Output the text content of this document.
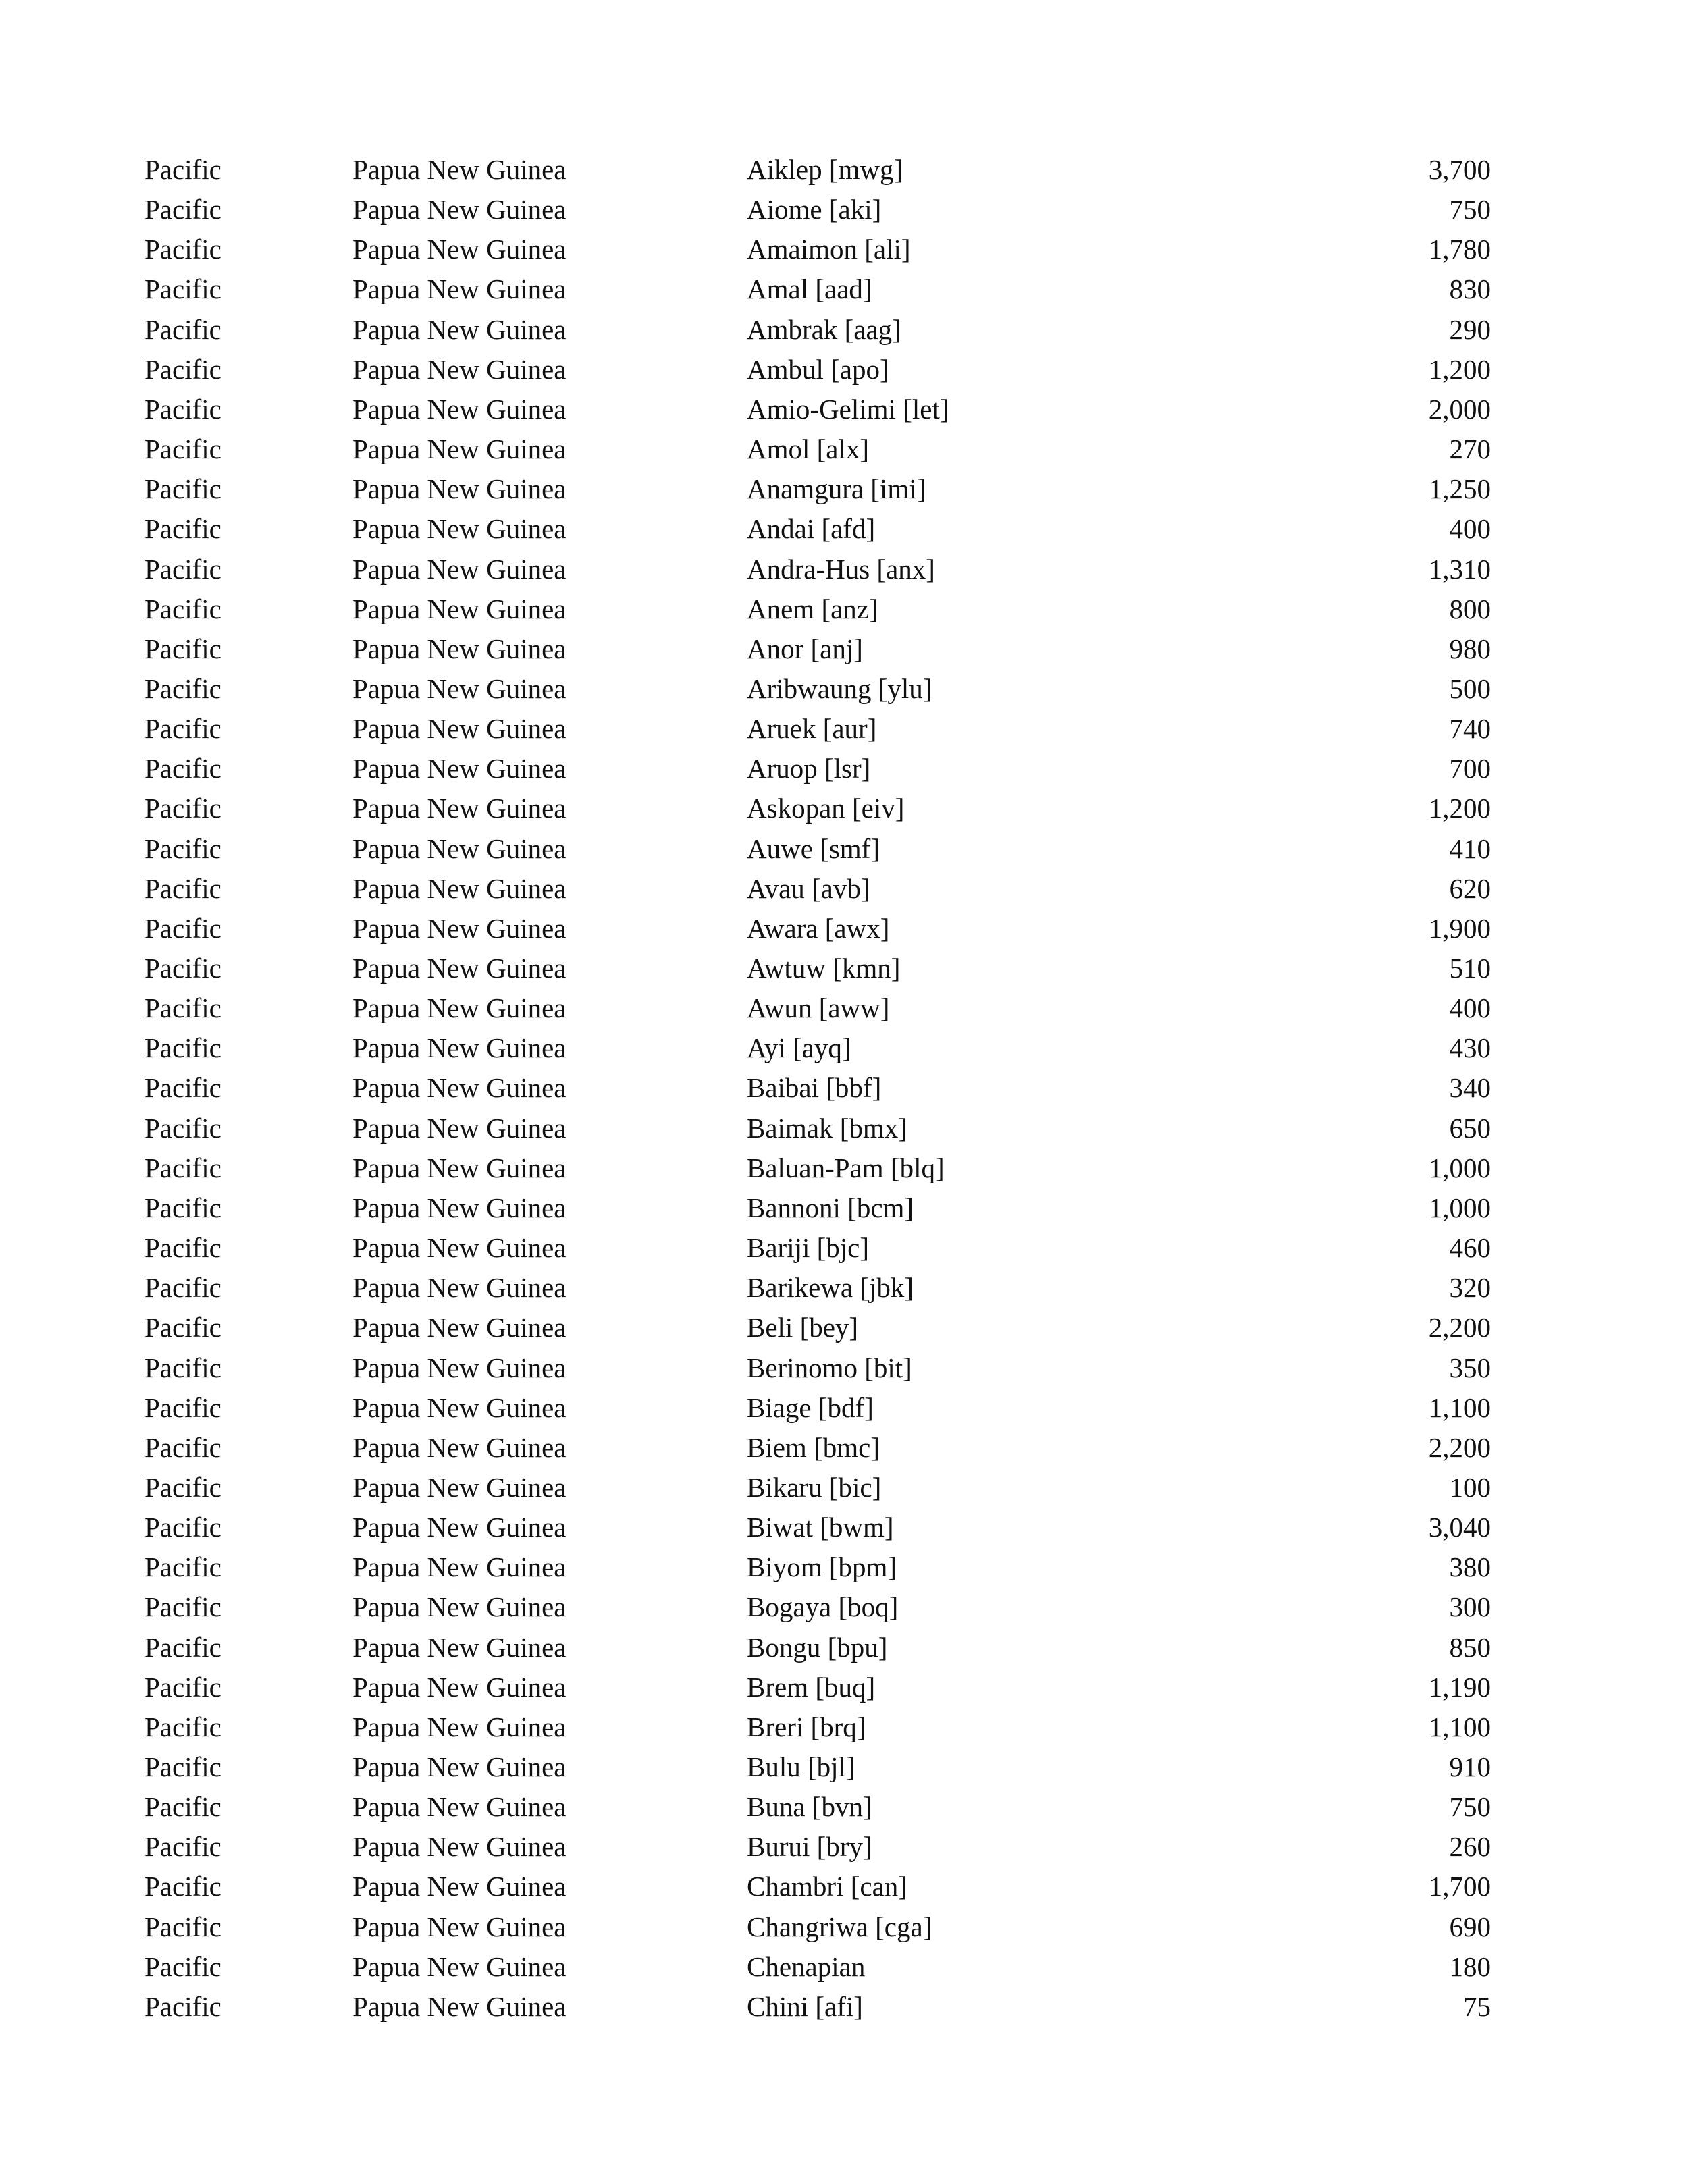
Pacific	Papua New Guinea	Aiklep [mwg]	3,700
Pacific	Papua New Guinea	Aiome [aki]	750
Pacific	Papua New Guinea	Amaimon [ali]	1,780
Pacific	Papua New Guinea	Amal [aad]	830
Pacific	Papua New Guinea	Ambrak [aag]	290
Pacific	Papua New Guinea	Ambul [apo]	1,200
Pacific	Papua New Guinea	Amio-Gelimi [let]	2,000
Pacific	Papua New Guinea	Amol [alx]	270
Pacific	Papua New Guinea	Anamgura [imi]	1,250
Pacific	Papua New Guinea	Andai [afd]	400
Pacific	Papua New Guinea	Andra-Hus [anx]	1,310
Pacific	Papua New Guinea	Anem [anz]	800
Pacific	Papua New Guinea	Anor [anj]	980
Pacific	Papua New Guinea	Aribwaung [ylu]	500
Pacific	Papua New Guinea	Aruek [aur]	740
Pacific	Papua New Guinea	Aruop [lsr]	700
Pacific	Papua New Guinea	Askopan [eiv]	1,200
Pacific	Papua New Guinea	Auwe [smf]	410
Pacific	Papua New Guinea	Avau [avb]	620
Pacific	Papua New Guinea	Awara [awx]	1,900
Pacific	Papua New Guinea	Awtuw [kmn]	510
Pacific	Papua New Guinea	Awun [aww]	400
Pacific	Papua New Guinea	Ayi [ayq]	430
Pacific	Papua New Guinea	Baibai [bbf]	340
Pacific	Papua New Guinea	Baimak [bmx]	650
Pacific	Papua New Guinea	Baluan-Pam [blq]	1,000
Pacific	Papua New Guinea	Bannoni [bcm]	1,000
Pacific	Papua New Guinea	Bariji [bjc]	460
Pacific	Papua New Guinea	Barikewa [jbk]	320
Pacific	Papua New Guinea	Beli [bey]	2,200
Pacific	Papua New Guinea	Berinomo [bit]	350
Pacific	Papua New Guinea	Biage [bdf]	1,100
Pacific	Papua New Guinea	Biem [bmc]	2,200
Pacific	Papua New Guinea	Bikaru [bic]	100
Pacific	Papua New Guinea	Biwat [bwm]	3,040
Pacific	Papua New Guinea	Biyom [bpm]	380
Pacific	Papua New Guinea	Bogaya [boq]	300
Pacific	Papua New Guinea	Bongu [bpu]	850
Pacific	Papua New Guinea	Brem [buq]	1,190
Pacific	Papua New Guinea	Breri [brq]	1,100
Pacific	Papua New Guinea	Bulu [bjl]	910
Pacific	Papua New Guinea	Buna [bvn]	750
Pacific	Papua New Guinea	Burui [bry]	260
Pacific	Papua New Guinea	Chambri [can]	1,700
Pacific	Papua New Guinea	Changriwa [cga]	690
Pacific	Papua New Guinea	Chenapian	180
Pacific	Papua New Guinea	Chini [afi]	75
